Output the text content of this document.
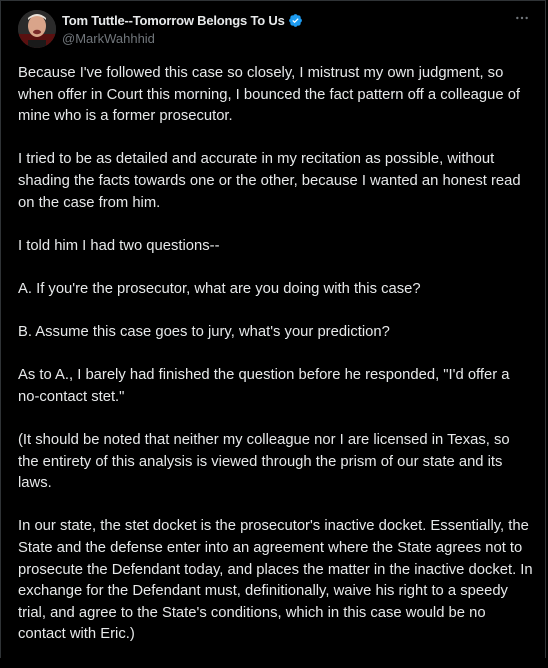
Tom Tuttle--Tomorrow Belongs To Us
@MarkWahhhid

Because I've followed this case so closely, I mistrust my own judgment, so when offer in Court this morning, I bounced the fact pattern off a colleague of mine who is a former prosecutor.

I tried to be as detailed and accurate in my recitation as possible, without shading the facts towards one or the other, because I wanted an honest read on the case from him.

I told him I had two questions--

A. If you're the prosecutor, what are you doing with this case?

B. Assume this case goes to jury, what's your prediction?

As to A., I barely had finished the question before he responded, "I'd offer a no-contact stet."

(It should be noted that neither my colleague nor I are licensed in Texas, so the entirety of this analysis is viewed through the prism of our state and its laws.

In our state, the stet docket is the prosecutor's inactive docket. Essentially, the State and the defense enter into an agreement where the State agrees not to prosecute the Defendant today, and places the matter in the inactive docket. In exchange for the Defendant must, definitionally, waive his right to a speedy trial, and agree to the State's conditions, which in this case would be no contact with Eric.)
